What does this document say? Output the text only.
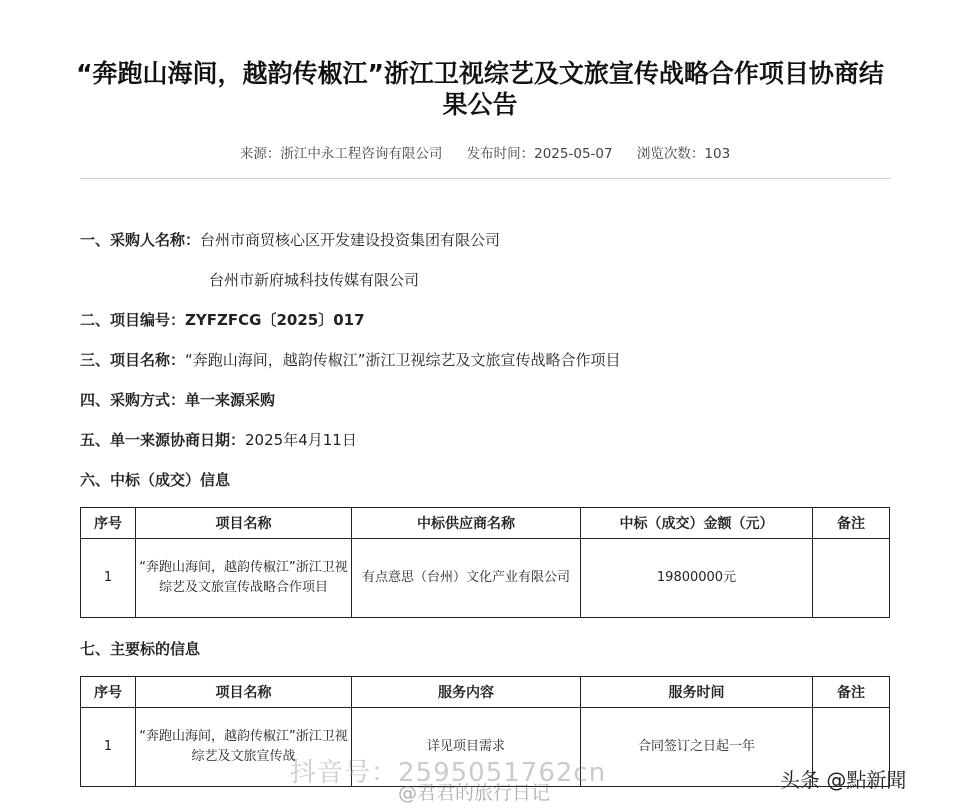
“奔跑山海间，越韵传椒江”浙江卫视综艺及文旅宣传战略合作项目协商结果公告
来源：浙江中永工程咨询有限公司 发布时间：2025-05-07 浏览次数：103
一、采购人名称：台州市商贸核心区开发建设投资集团有限公司
台州市新府城科技传媒有限公司
二、项目编号：ZYFZFCG〔2025〕017
三、项目名称：“奔跑山海间，越韵传椒江”浙江卫视综艺及文旅宣传战略合作项目
四、采购方式：单一来源采购
五、单一来源协商日期：2025年4月11日
六、中标（成交）信息
序号	项目名称	中标供应商名称	中标（成交）金额（元）	备注
1	“奔跑山海间，越韵传椒江”浙江卫视综艺及文旅宣传战略合作项目	有点意思（台州）文化产业有限公司	19800000元	
七、主要标的信息
序号	项目名称	服务内容	服务时间	备注
1	“奔跑山海间，越韵传椒江”浙江卫视综艺及文旅宣传战	详见项目需求	合同签订之日起一年	
抖音号：2595051762cn
@君君的旅行日记
头条 @點新聞
